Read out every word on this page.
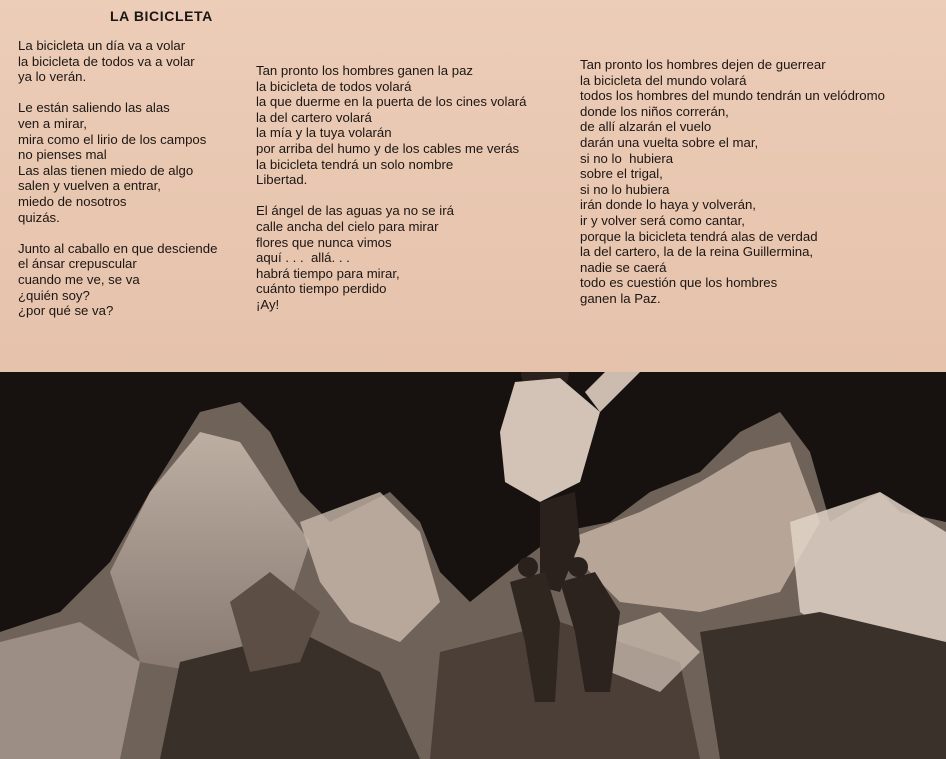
LA BICICLETA
La bicicleta un día va a volar
la bicicleta de todos va a volar
ya lo verán.
Le están saliendo las alas
ven a mirar,
mira como el lirio de los campos
no pienses mal
Las alas tienen miedo de algo
salen y vuelven a entrar,
miedo de nosotros
quizás.
Junto al caballo en que desciende
el ánsar crepuscular
cuando me ve, se va
¿quién soy?
¿por qué se va?
Tan pronto los hombres ganen la paz
la bicicleta de todos volará
la que duerme en la puerta de los cines volará
la del cartero volará
la mía y la tuya volarán
por arriba del humo y de los cables me verás
la bicicleta tendrá un solo nombre
Libertad.
El ángel de las aguas ya no se irá
calle ancha del cielo para mirar
flores que nunca vimos
aquí . . .  allá. . .
habrá tiempo para mirar,
cuánto tiempo perdido
¡Ay!
Tan pronto los hombres dejen de guerrear
la bicicleta del mundo volará
todos los hombres del mundo tendrán un velódromo
donde los niños correrán,
de allí alzarán el vuelo
darán una vuelta sobre el mar,
si no lo  hubiera
sobre el trigal,
si no lo hubiera
irán donde lo haya y volverán,
ir y volver será como cantar,
porque la bicicleta tendrá alas de verdad
la del cartero, la de la reina Guillermina,
nadie se caerá
todo es cuestión que los hombres
ganen la Paz.
